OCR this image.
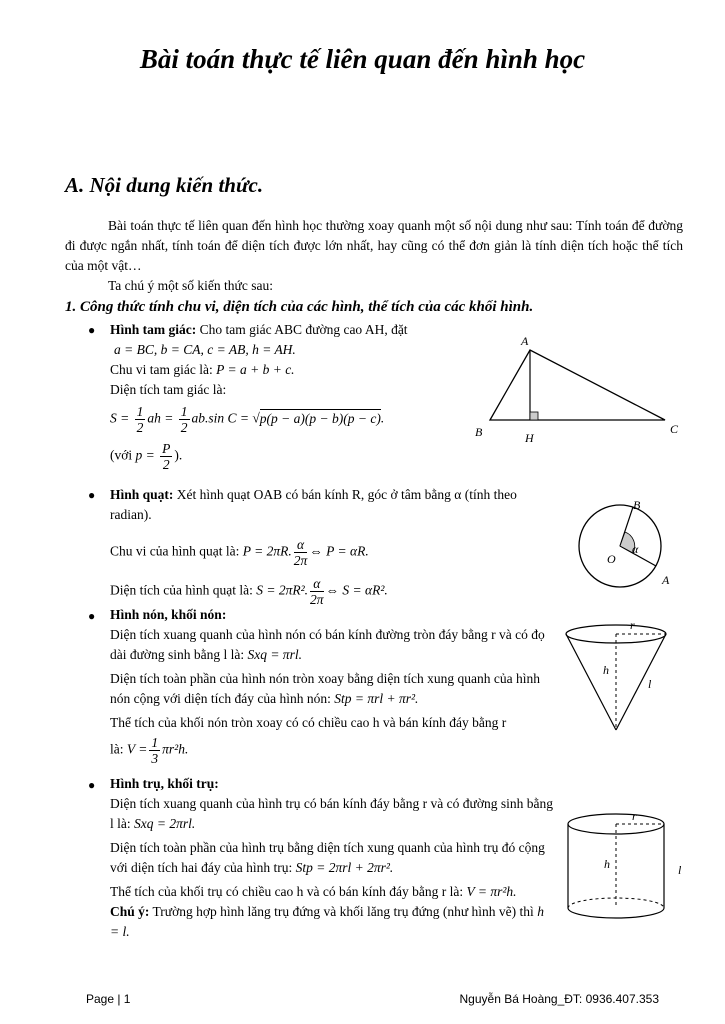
Bài toán thực tế liên quan đến hình học
A. Nội dung kiến thức.
Bài toán thực tế liên quan đến hình học thường xoay quanh một số nội dung như sau: Tính toán để đường đi được ngắn nhất, tính toán để diện tích được lớn nhất, hay cũng có thể đơn giản là tính diện tích hoặc thể tích của một vật…
Ta chú ý một số kiến thức sau:
1. Công thức tính chu vi, diện tích của các hình, thể tích của các khối hình.
● Hình tam giác: Cho tam giác ABC đường cao AH, đặt
a = BC, b = CA, c = AB, h = AH.
Chu vi tam giác là: P = a + b + c.
Diện tích tam giác là:
$S = \frac{1}{2}$ ah = $\frac{1}{2} ab.\sin$ C = √p(p − a)(p − b)(p − c).
(với $p = \frac{P}{2}$ ).
A
B	C
H
● Hình quạt: Xét hình quạt OAB có bán kính R, góc ở tâm bằng α (tính theo radian).
Chu vi của hình quạt là: P = 2πR. $\frac{\alpha}{2\pi}$ ⇔ P = αR.
Diện tích của hình quạt là: S = 2πR². $\frac{\alpha}{2\pi}$ ⇔ S = αR².
O
A
B
α
● Hình nón, khối nón:
Diện tích xuang quanh của hình nón có bán kính đường tròn đáy bằng r và có đọ dài đường sinh bằng l là: Sxq = πrl.
Diện tích toàn phần của hình nón tròn xoay bằng diện tích xung quanh của hình nón cộng với diện tích đáy của hình nón: Stp = πrl + πr².
Thể tích của khối nón tròn xoay có có chiều cao h và bán kính đáy bằng r
là: $V = \frac{1}{3} \pi r^2h$.
r
h
l
● Hình trụ, khối trụ:
Diện tích xuang quanh của hình trụ có bán kính đáy bằng r và có đường sinh bằng l là: Sxq = 2πrl.
Diện tích toàn phần của hình trụ bằng diện tích xung quanh của hình trụ đó cộng với diện tích hai đáy của hình trụ: Stp = 2πrl + 2πr².
Thể tích của khối trụ có chiều cao h và có bán kính đáy bằng r là: V = πr²h.
Chú ý: Trường hợp hình lăng trụ đứng và khối lăng trụ đứng (như hình vẽ) thì h = l.
r
h	l
Page | 1	Nguyễn Bá Hoàng_ĐT: 0936.407.353
